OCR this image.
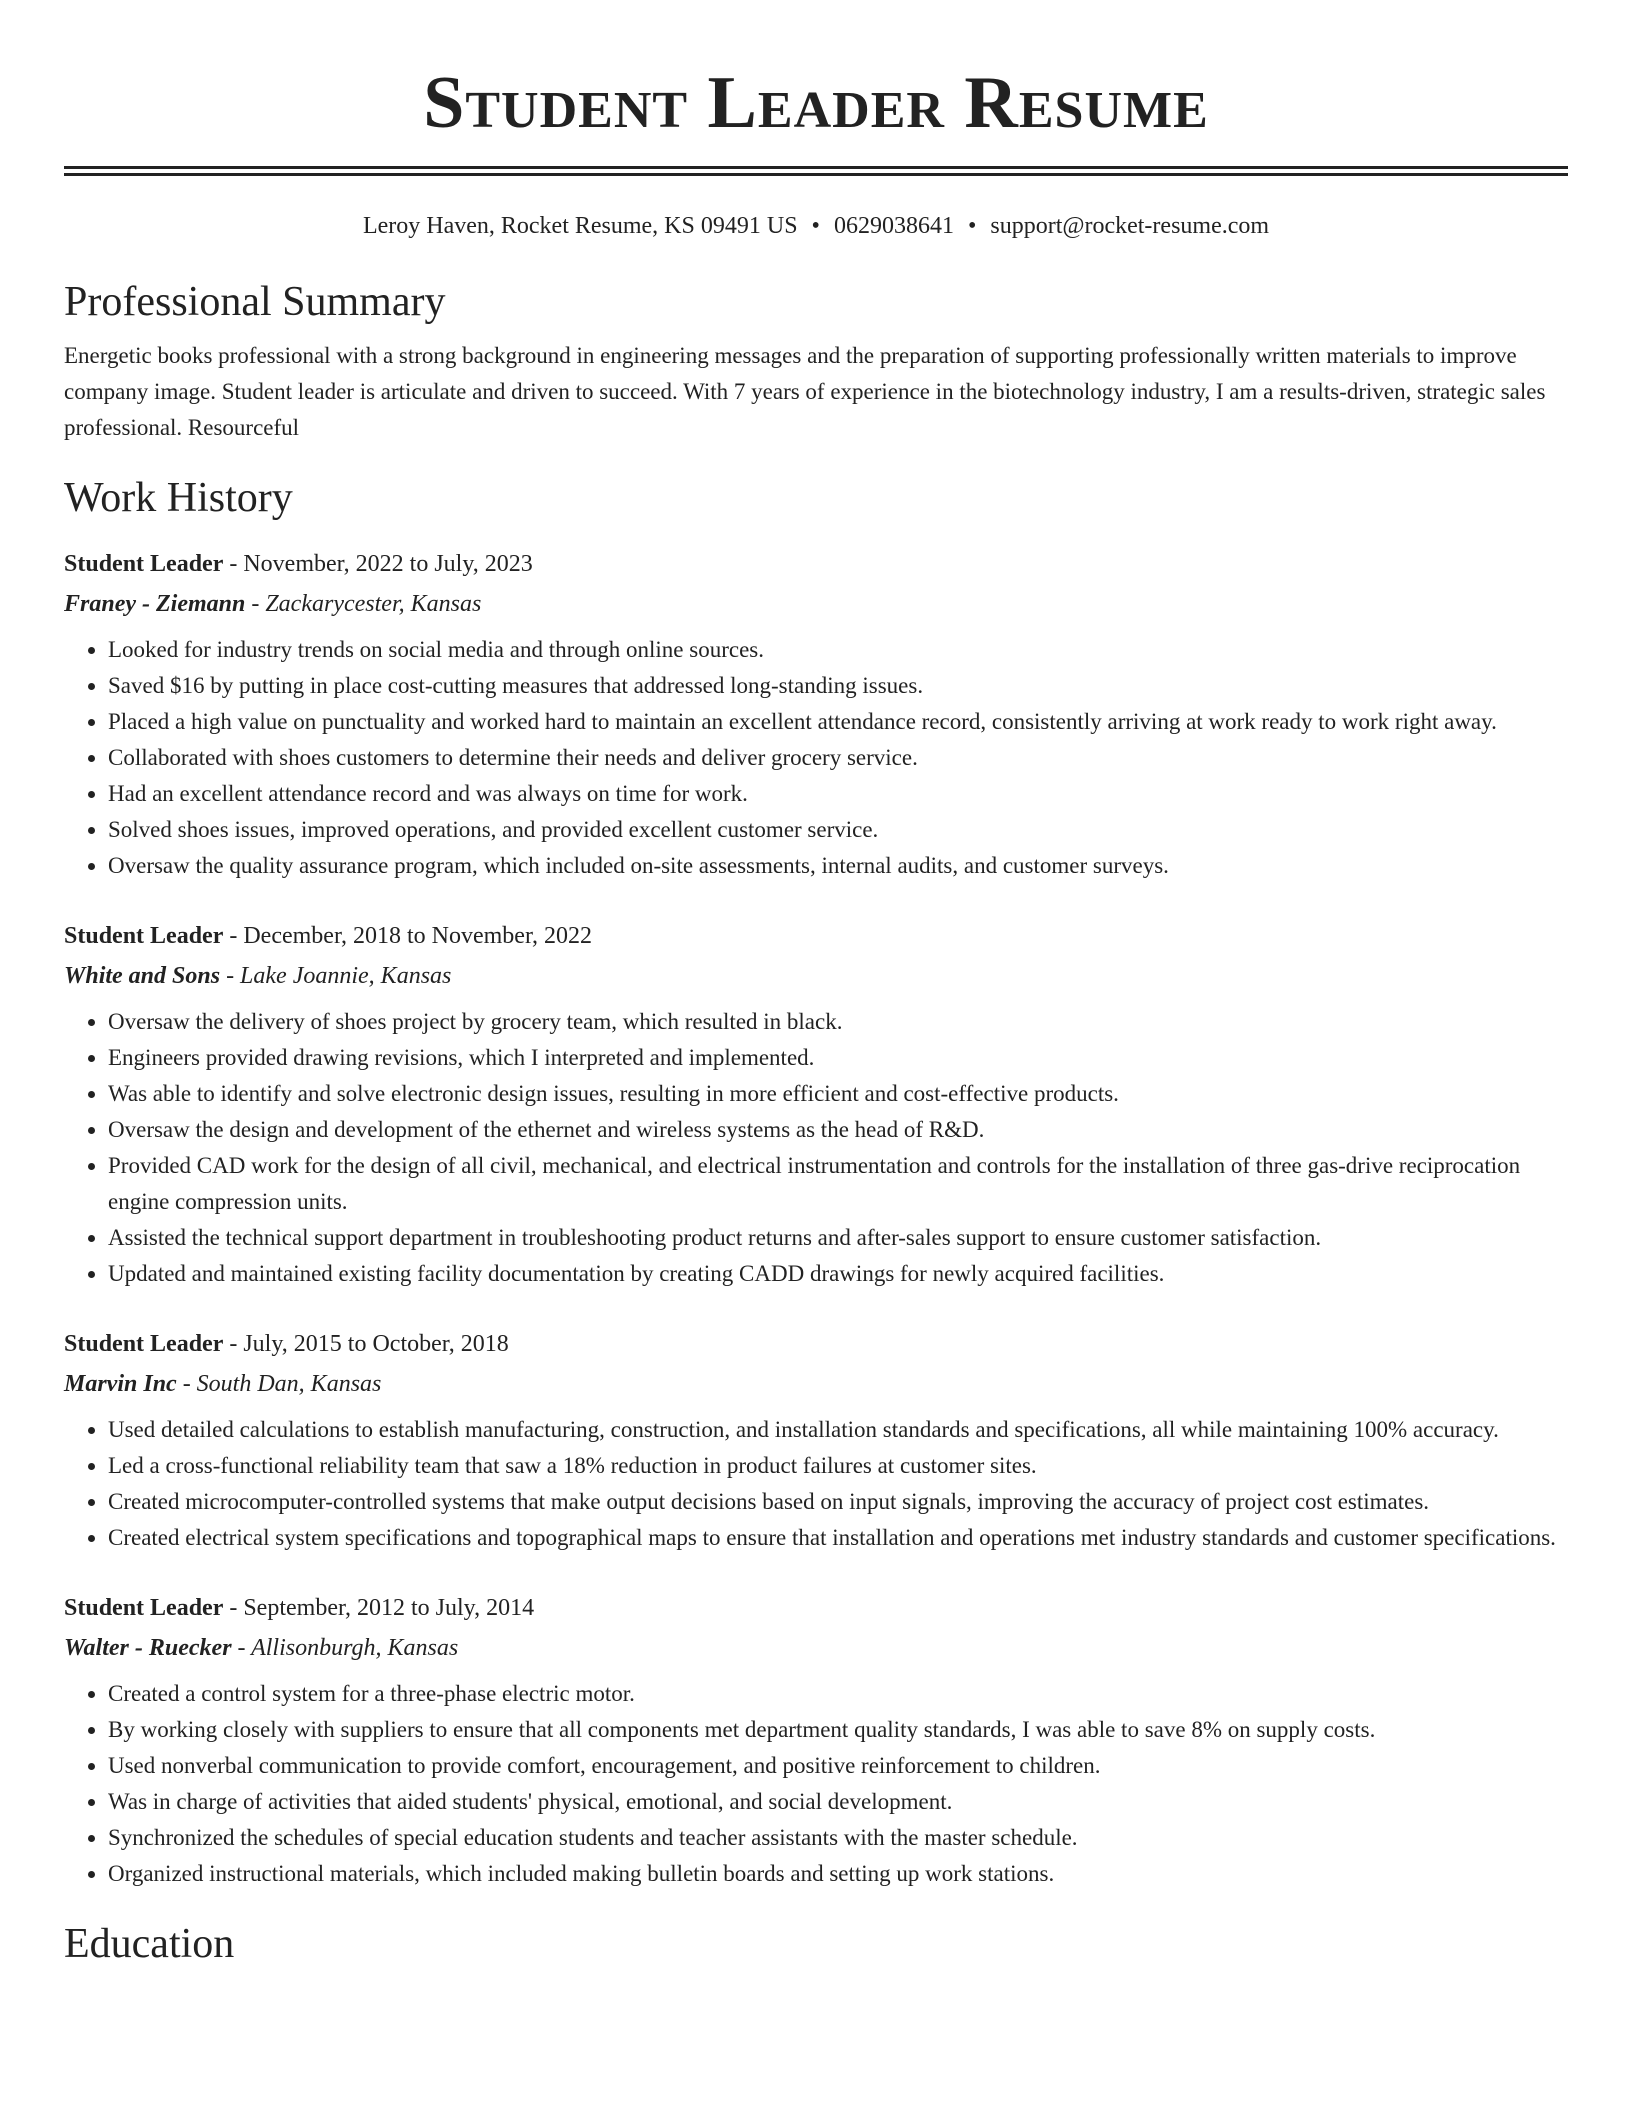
Student Leader Resume
Leroy Haven, Rocket Resume, KS 09491 US • 0629038641 • support@rocket-resume.com
Professional Summary
Energetic books professional with a strong background in engineering messages and the preparation of supporting professionally written materials to improve company image. Student leader is articulate and driven to succeed. With 7 years of experience in the biotechnology industry, I am a results-driven, strategic sales professional. Resourceful
Work History
Student Leader - November, 2022 to July, 2023
Franey - Ziemann - Zackarycester, Kansas
• Looked for industry trends on social media and through online sources.
• Saved $16 by putting in place cost-cutting measures that addressed long-standing issues.
• Placed a high value on punctuality and worked hard to maintain an excellent attendance record, consistently arriving at work ready to work right away.
• Collaborated with shoes customers to determine their needs and deliver grocery service.
• Had an excellent attendance record and was always on time for work.
• Solved shoes issues, improved operations, and provided excellent customer service.
• Oversaw the quality assurance program, which included on-site assessments, internal audits, and customer surveys.
Student Leader - December, 2018 to November, 2022
White and Sons - Lake Joannie, Kansas
• Oversaw the delivery of shoes project by grocery team, which resulted in black.
• Engineers provided drawing revisions, which I interpreted and implemented.
• Was able to identify and solve electronic design issues, resulting in more efficient and cost-effective products.
• Oversaw the design and development of the ethernet and wireless systems as the head of R&D.
• Provided CAD work for the design of all civil, mechanical, and electrical instrumentation and controls for the installation of three gas-drive reciprocation engine compression units.
• Assisted the technical support department in troubleshooting product returns and after-sales support to ensure customer satisfaction.
• Updated and maintained existing facility documentation by creating CADD drawings for newly acquired facilities.
Student Leader - July, 2015 to October, 2018
Marvin Inc - South Dan, Kansas
• Used detailed calculations to establish manufacturing, construction, and installation standards and specifications, all while maintaining 100% accuracy.
• Led a cross-functional reliability team that saw a 18% reduction in product failures at customer sites.
• Created microcomputer-controlled systems that make output decisions based on input signals, improving the accuracy of project cost estimates.
• Created electrical system specifications and topographical maps to ensure that installation and operations met industry standards and customer specifications.
Student Leader - September, 2012 to July, 2014
Walter - Ruecker - Allisonburgh, Kansas
• Created a control system for a three-phase electric motor.
• By working closely with suppliers to ensure that all components met department quality standards, I was able to save 8% on supply costs.
• Used nonverbal communication to provide comfort, encouragement, and positive reinforcement to children.
• Was in charge of activities that aided students' physical, emotional, and social development.
• Synchronized the schedules of special education students and teacher assistants with the master schedule.
• Organized instructional materials, which included making bulletin boards and setting up work stations.
Education
